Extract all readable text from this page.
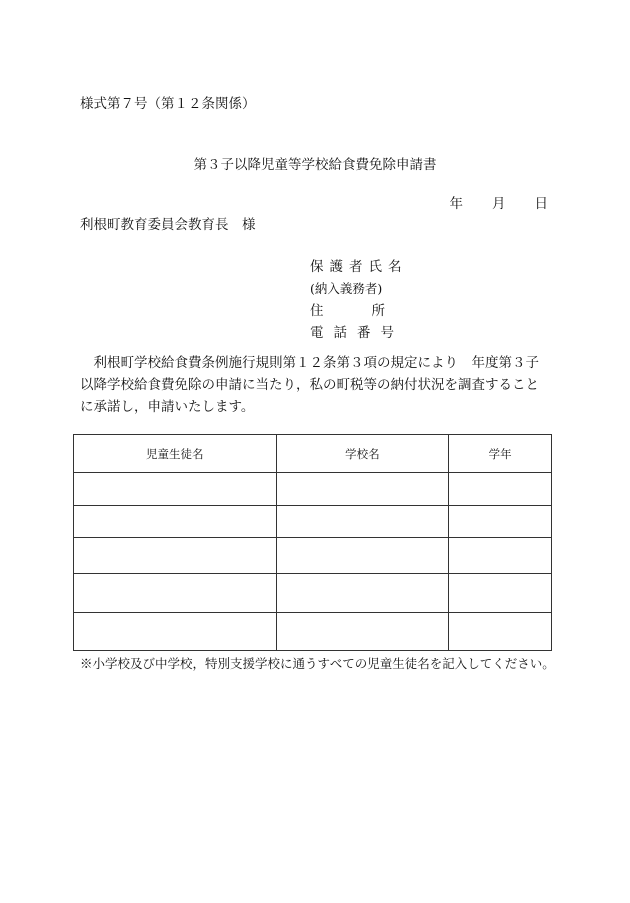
様式第７号（第１２条関係）
第３子以降児童等学校給食費免除申請書
年 月 日
利根町教育委員会教育長　様
保護者氏名
(納入義務者)
住	所
電話番号
利根町学校給食費条例施行規則第１２条第３項の規定により　年度第３子以降学校給食費免除の申請に当たり，私の町税等の納付状況を調査することに承諾し，申請いたします。
児童生徒名	学校名	学年

※小学校及び中学校，特別支援学校に通うすべての児童生徒名を記入してください。
